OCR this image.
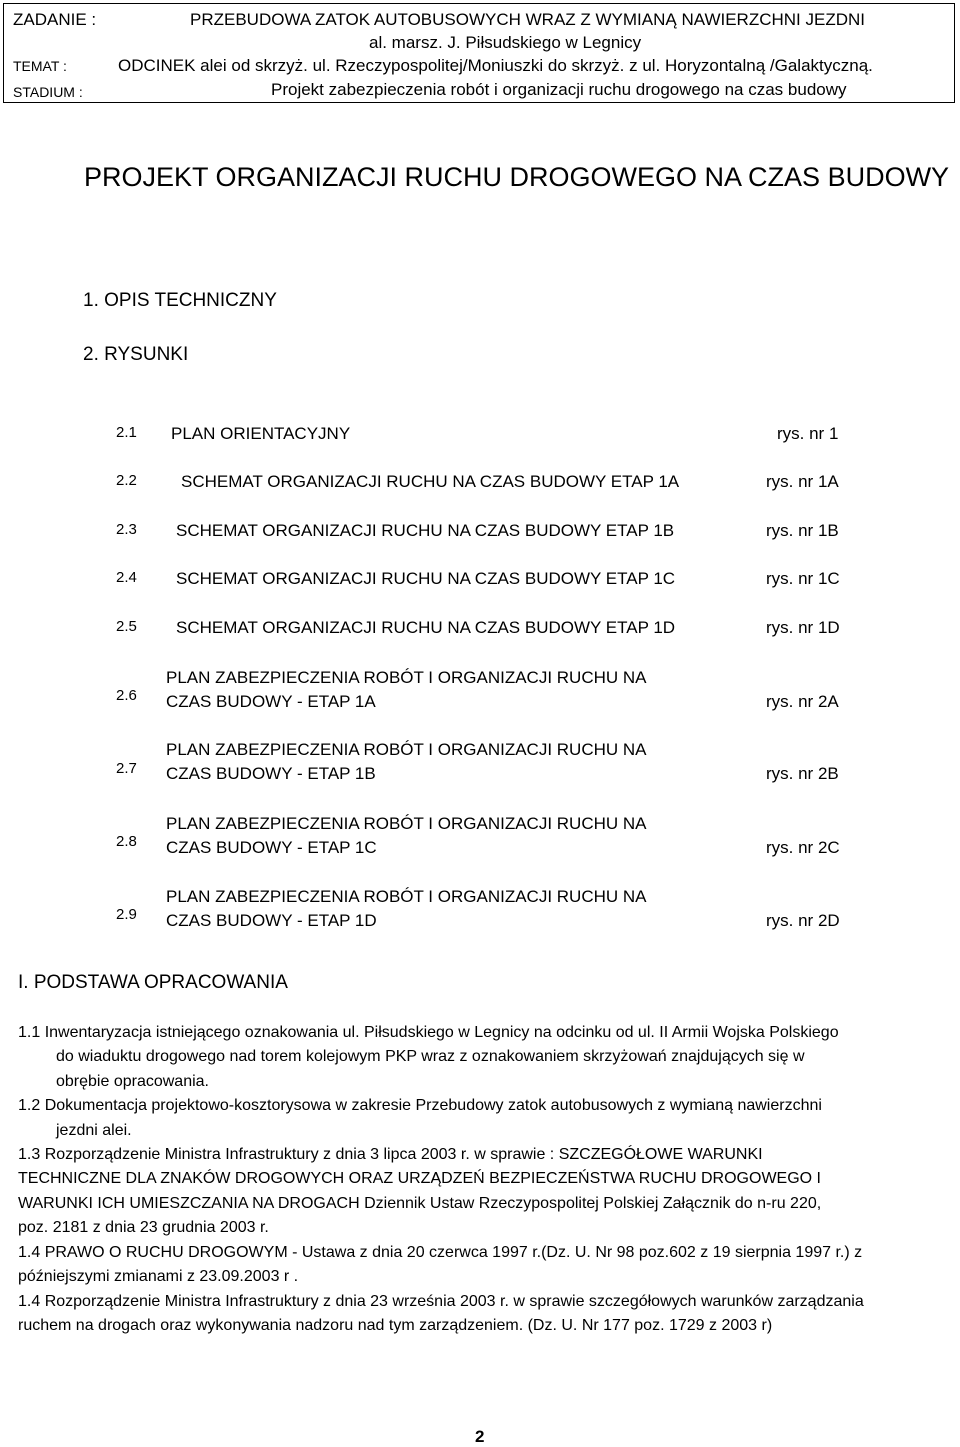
ZADANIE :	PRZEBUDOWA ZATOK AUTOBUSOWYCH WRAZ Z WYMIANĄ NAWIERZCHNI JEZDNI
al. marsz. J. Piłsudskiego w Legnicy
TEMAT :	ODCINEK alei od skrzyż. ul. Rzeczypospolitej/Moniuszki do skrzyż. z ul. Horyzontalną /Galaktyczną.
STADIUM :	Projekt zabezpieczenia robót i organizacji ruchu drogowego na czas budowy
PROJEKT ORGANIZACJI RUCHU DROGOWEGO NA CZAS BUDOWY
1. OPIS TECHNICZNY
2. RYSUNKI
2.1 PLAN ORIENTACYJNY	rys. nr 1
2.2	SCHEMAT ORGANIZACJI RUCHU NA CZAS BUDOWY ETAP 1A	rys. nr 1A
2.3 SCHEMAT ORGANIZACJI RUCHU NA CZAS BUDOWY ETAP 1B	rys. nr 1B
2.4 SCHEMAT ORGANIZACJI RUCHU NA CZAS BUDOWY ETAP 1C	rys. nr 1C
2.5 SCHEMAT ORGANIZACJI RUCHU NA CZAS BUDOWY ETAP 1D	rys. nr 1D
2.6
PLAN ZABEZPIECZENIA ROBÓT I ORGANIZACJI RUCHU NA
CZAS BUDOWY - ETAP 1A	rys. nr 2A
2.7
PLAN ZABEZPIECZENIA ROBÓT I ORGANIZACJI RUCHU NA
CZAS BUDOWY - ETAP 1B	rys. nr 2B
2.8
PLAN ZABEZPIECZENIA ROBÓT I ORGANIZACJI RUCHU NA
CZAS BUDOWY - ETAP 1C	rys. nr 2C
2.9
PLAN ZABEZPIECZENIA ROBÓT I ORGANIZACJI RUCHU NA
CZAS BUDOWY - ETAP 1D	rys. nr 2D
I. PODSTAWA OPRACOWANIA
1.1 Inwentaryzacja istniejącego oznakowania ul. Piłsudskiego w Legnicy na odcinku od ul. II Armii Wojska Polskiego
do wiaduktu drogowego nad torem kolejowym PKP wraz z oznakowaniem skrzyżowań znajdujących się w
obrębie opracowania.
1.2 Dokumentacja projektowo-kosztorysowa w zakresie Przebudowy zatok autobusowych z wymianą nawierzchni
jezdni alei.
1.3 Rozporządzenie Ministra Infrastruktury z dnia 3 lipca 2003 r. w sprawie : SZCZEGÓŁOWE WARUNKI
TECHNICZNE DLA ZNAKÓW DROGOWYCH ORAZ URZĄDZEŃ BEZPIECZEŃSTWA RUCHU DROGOWEGO I
WARUNKI ICH UMIESZCZANIA NA DROGACH Dziennik Ustaw Rzeczypospolitej Polskiej Załącznik do n-ru 220,
poz. 2181 z dnia 23 grudnia 2003 r.
1.4 PRAWO O RUCHU DROGOWYM - Ustawa z dnia 20 czerwca 1997 r.(Dz. U. Nr 98 poz.602 z 19 sierpnia 1997 r.) z
późniejszymi zmianami z 23.09.2003 r .
1.4 Rozporządzenie Ministra Infrastruktury z dnia 23 września 2003 r. w sprawie szczegółowych warunków zarządzania
ruchem na drogach oraz wykonywania nadzoru nad tym zarządzeniem. (Dz. U. Nr 177 poz. 1729 z 2003 r)
2
